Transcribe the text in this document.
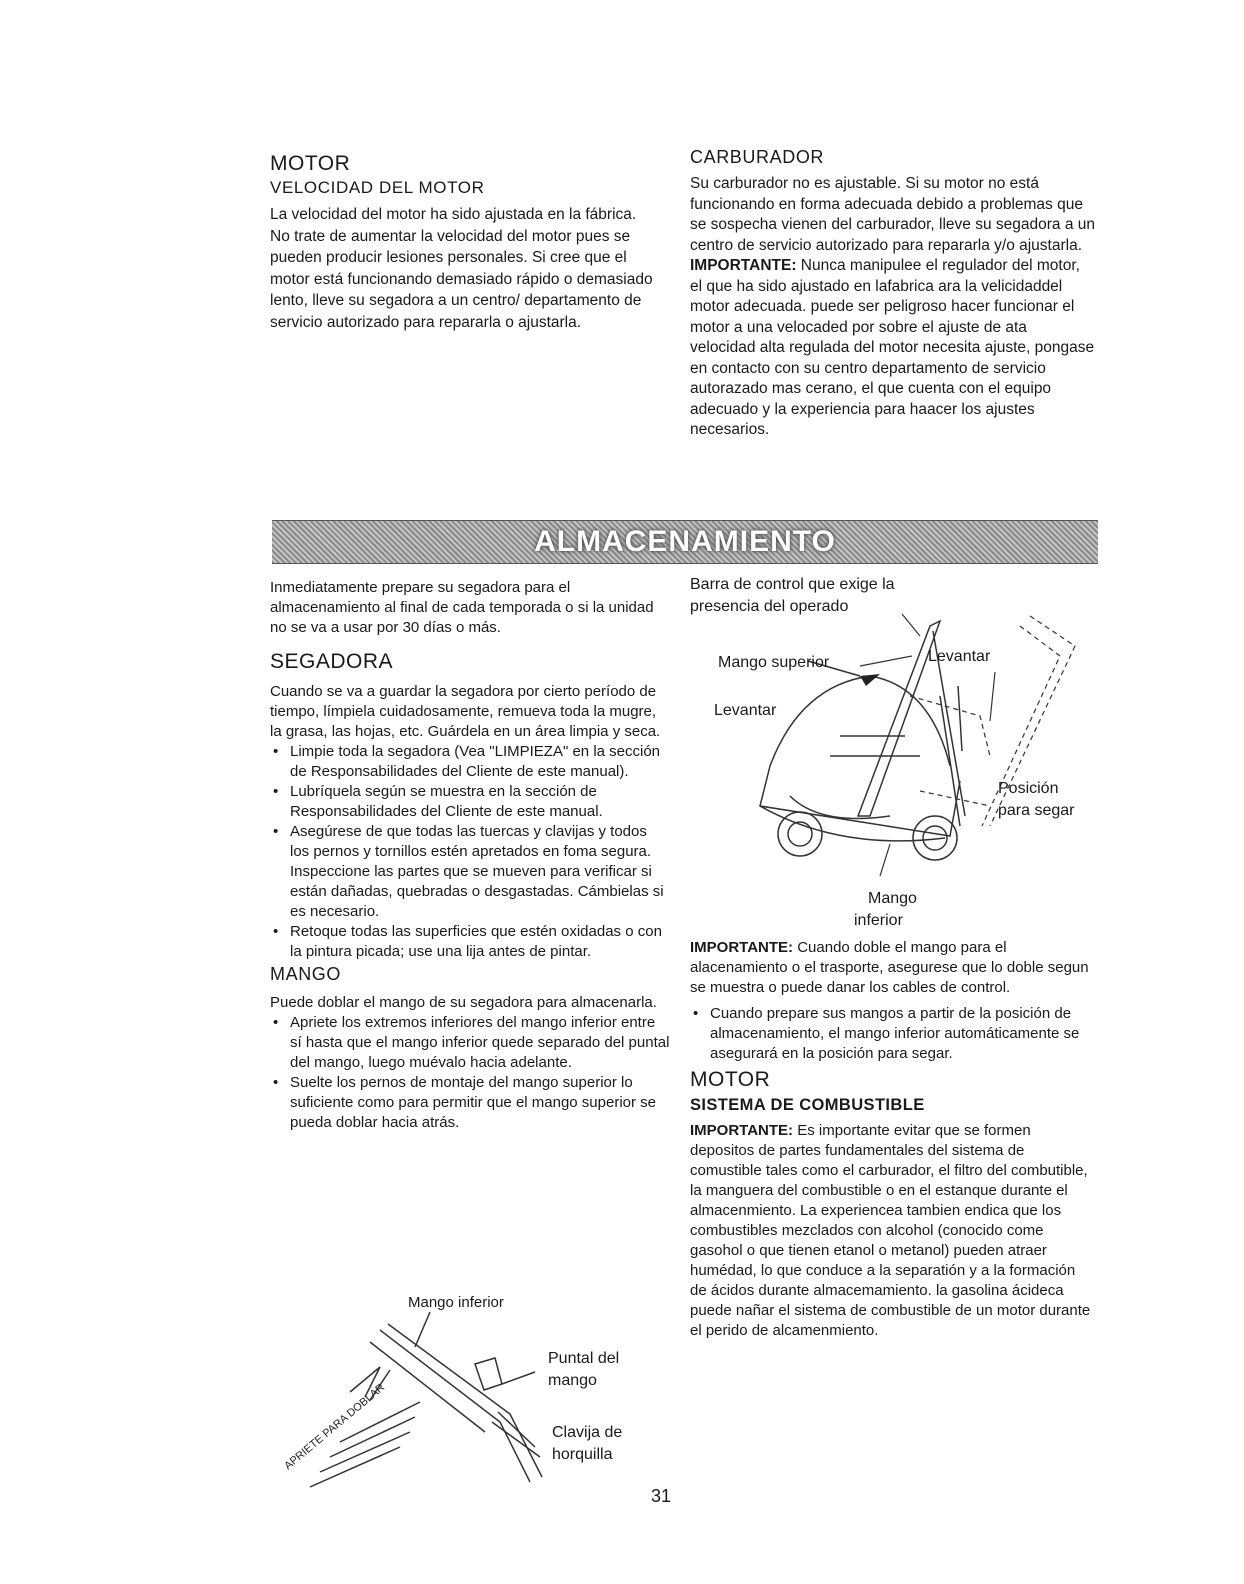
MOTOR
VELOCIDAD DEL MOTOR

La velocidad del motor ha sido ajustada en la fábrica. No trate de aumentar la velocidad del motor pues se pueden producir lesiones personales. Si cree que el motor está funcionando demasiado rápido o demasiado lento, lleve su segadora a un centro/ departamento de servicio autorizado para repararla o ajustarla.

CARBURADOR

Su carburador no es ajustable. Si su motor no está funcionando en forma adecuada debido a problemas que se sospecha vienen del carburador, lleve su segadora a un centro de servicio autorizado para repararla y/o ajustarla.

IMPORTANTE: Nunca manipulee el regulador del motor, el que ha sido ajustado en lafabrica ara la velicidaddel motor adecuada. puede ser peligroso hacer funcionar el motor a una velocaded por sobre el ajuste de ata velocidad alta regulada del motor necesita ajuste, pongase en contacto con su centro departamento de servicio autorazado mas cerano, el que cuenta con el equipo adecuado y la experiencia para haacer los ajustes necesarios.

ALMACENAMIENTO

Inmediatamente prepare su segadora para el almacenamiento al final de cada temporada o si la unidad no se va a usar por 30 días o más.

SEGADORA

Cuando se va a guardar la segadora por cierto período de tiempo, límpiela cuidadosamente, remueva toda la mugre, la grasa, las hojas, etc. Guárdela en un área limpia y seca.

• Limpie toda la segadora (Vea "LIMPIEZA" en la sección de Responsabilidades del Cliente de este manual).
• Lubríquela según se muestra en la sección de Responsabilidades del Cliente de este manual.
• Asegúrese de que todas las tuercas y clavijas y todos los pernos y tornillos estén apretados en foma segura. Inspeccione las partes que se mueven para verificar si están dañadas, quebradas o desgastadas. Cámbielas si es necesario.
• Retoque todas las superficies que estén oxidadas o con la pintura picada; use una lija antes de pintar.
MANGO

Puede doblar el mango de su segadora para almacenarla.

• Apriete los extremos inferiores del mango inferior entre sí hasta que el mango inferior quede separado del puntal del mango, luego muévalo hacia adelante.
• Suelte los pernos de montaje del mango superior lo suficiente como para permitir que el mango superior se pueda doblar hacia atrás.
APRIETE PARA DOBLAR
Mango inferior
Puntal del
mango
Clavija de
horquilla
Barra de control que exige la
presencia del operado
Mango superior	Levantar
Levantar
Posición
para segar
Mango
inferior

IMPORTANTE: Cuando doble el mango para el alacenamiento o el trasporte, asegurese que lo doble segun se muestra o puede danar los cables de control.

• Cuando prepare sus mangos a partir de la posición de almacenamiento, el mango inferior automáticamente se asegurará en la posición para segar.
MOTOR
SISTEMA DE COMBUSTIBLE

IMPORTANTE: Es importante evitar que se formen depositos de partes fundamentales del sistema de comustible tales como el carburador, el filtro del combutible, la manguera del combustible o en el estanque durante el almacenmiento. La experiencea tambien endica que los combustibles mezclados con alcohol (conocido come gasohol o que tienen etanol o metanol) pueden atraer humédad, lo que conduce a la separatión y a la formación de ácidos durante almacemamiento. la gasolina ácideca puede nañar el sistema de combustible de un motor durante el perido de alcamenmiento.

31
